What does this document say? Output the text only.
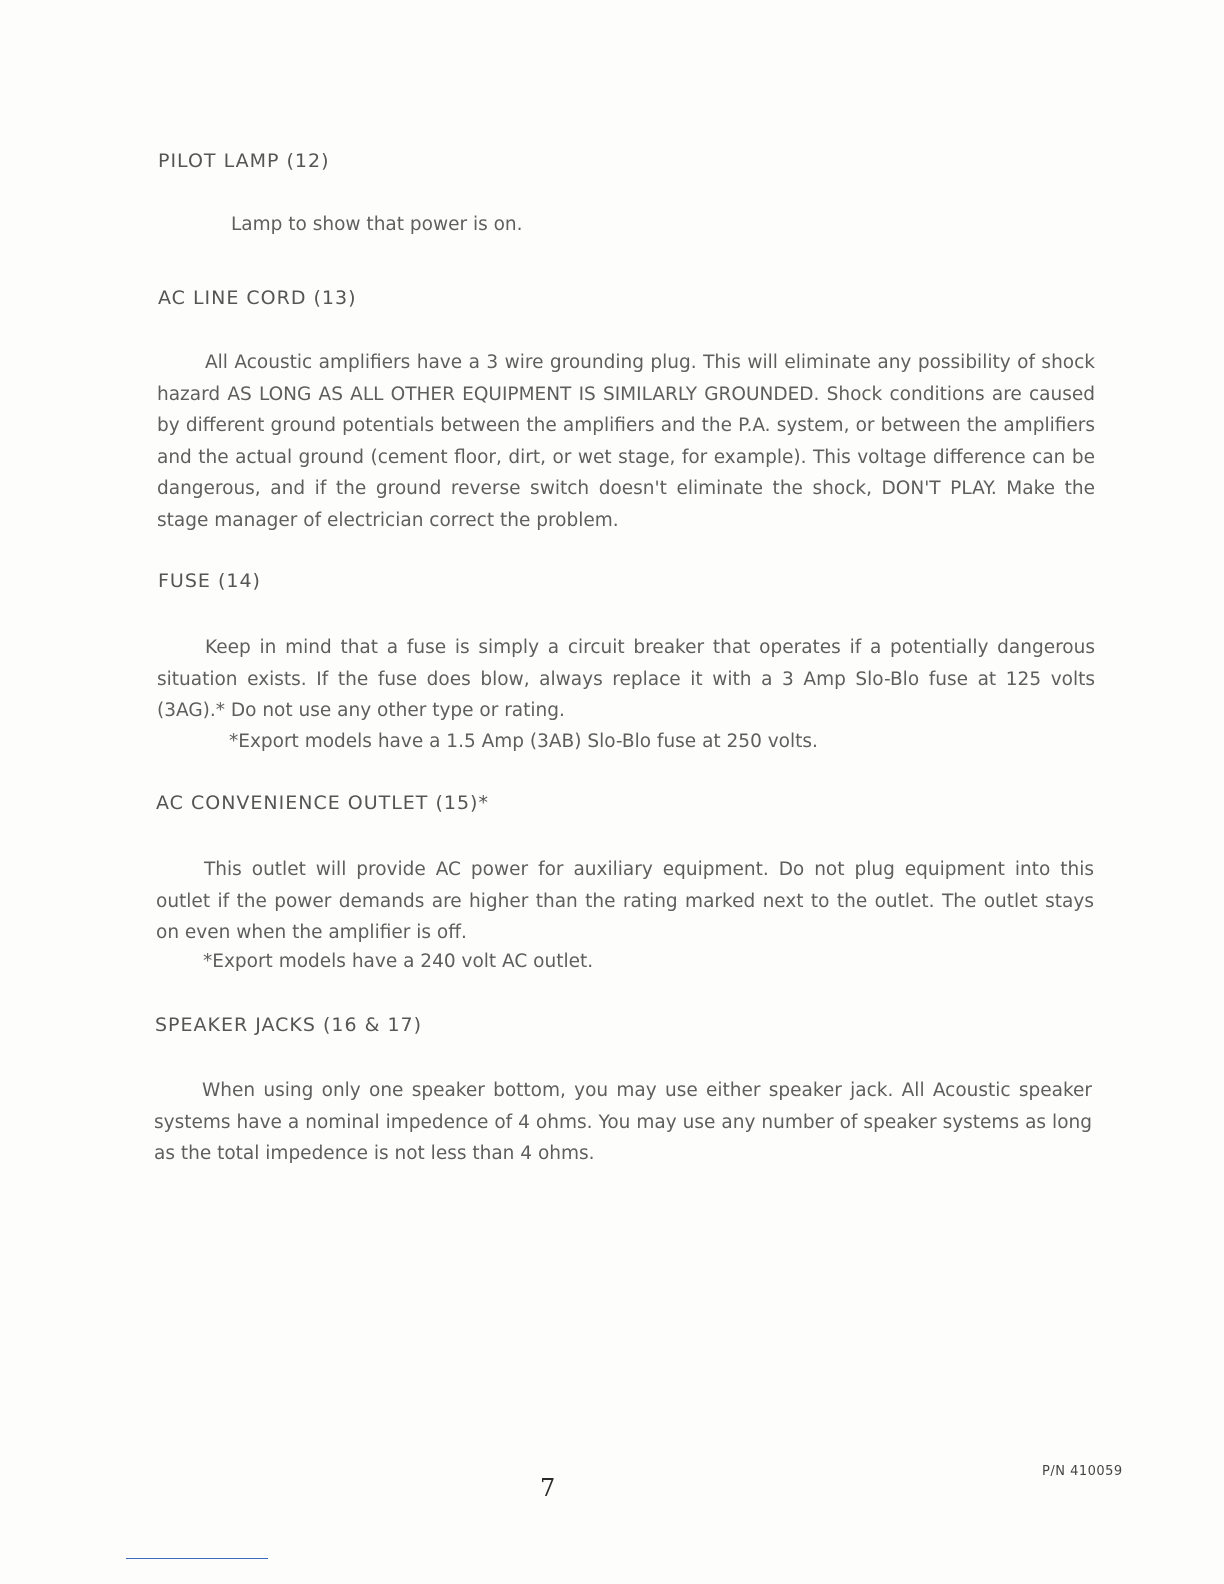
PILOT LAMP (12)

Lamp to show that power is on.

AC LINE CORD (13)

All Acoustic amplifiers have a 3 wire grounding plug. This will eliminate any possibility of shock hazard AS LONG AS ALL OTHER EQUIPMENT IS SIMILARLY GROUNDED. Shock conditions are caused by different ground potentials between the amplifiers and the P.A. system, or between the amplifiers and the actual ground (cement floor, dirt, or wet stage, for example). This voltage difference can be dangerous, and if the ground reverse switch doesn't eliminate the shock, DON'T PLAY. Make the stage manager of electrician correct the problem.

FUSE (14)

Keep in mind that a fuse is simply a circuit breaker that operates if a potentially dangerous situation exists. If the fuse does blow, always replace it with a 3 Amp Slo-Blo fuse at 125 volts (3AG).* Do not use any other type or rating.

*Export models have a 1.5 Amp (3AB) Slo-Blo fuse at 250 volts.

AC CONVENIENCE OUTLET (15)*

This outlet will provide AC power for auxiliary equipment. Do not plug equipment into this outlet if the power demands are higher than the rating marked next to the outlet. The outlet stays on even when the amplifier is off.

*Export models have a 240 volt AC outlet.

SPEAKER JACKS (16 & 17)

When using only one speaker bottom, you may use either speaker jack. All Acoustic speaker systems have a nominal impedence of 4 ohms. You may use any number of speaker systems as long as the total impedence is not less than 4 ohms.

P/N 410059
7
